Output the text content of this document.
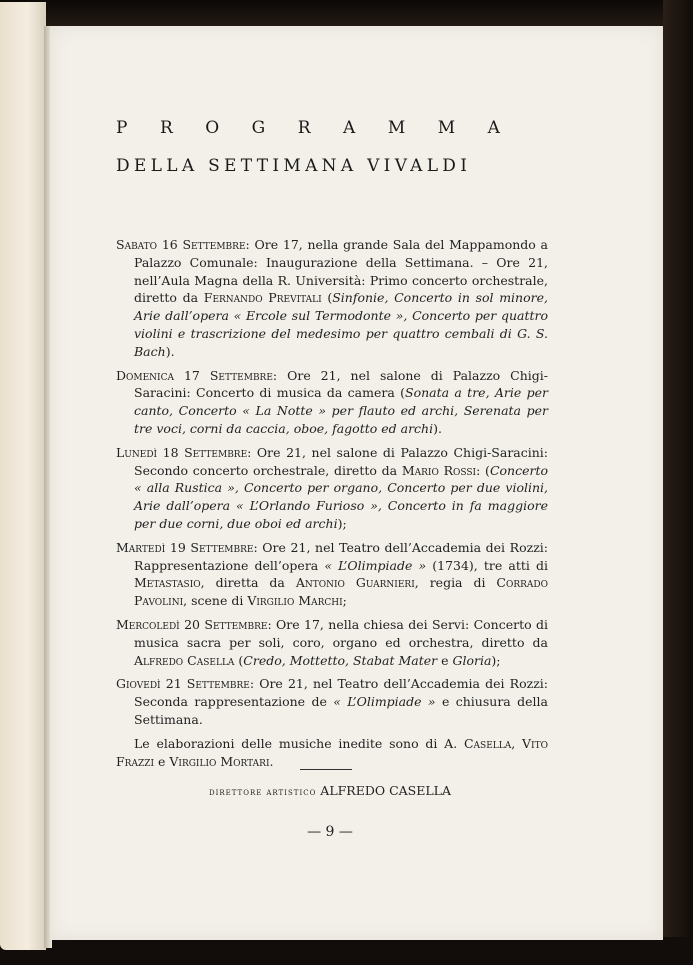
PROGRAMMA
DELLA SETTIMANA VIVALDI
Sabato 16 Settembre: Ore 17, nella grande Sala del Mappamondo a Palazzo Comunale: Inaugurazione della Settimana. – Ore 21, nell’Aula Magna della R. Università: Primo concerto orchestrale, diretto da Fernando Previtali (Sinfonie, Concerto in sol minore, Arie dall’opera « Ercole sul Termodonte », Concerto per quattro violini e trascrizione del medesimo per quattro cembali di G. S. Bach).
Domenica 17 Settembre: Ore 21, nel salone di Palazzo Chigi-Saracini: Concerto di musica da camera (Sonata a tre, Arie per canto, Concerto « La Notte » per flauto ed archi, Serenata per tre voci, corni da caccia, oboe, fagotto ed archi).
Lunedì 18 Settembre: Ore 21, nel salone di Palazzo Chigi-Saracini: Secondo concerto orchestrale, diretto da Mario Rossi: (Concerto « alla Rustica », Concerto per organo, Concerto per due violini, Arie dall’opera « L’Orlando Furioso », Concerto in fa maggiore per due corni, due oboi ed archi);
Martedì 19 Settembre: Ore 21, nel Teatro dell’Accademia dei Rozzi: Rappresentazione dell’opera « L’Olimpiade » (1734), tre atti di Metastasio, diretta da Antonio Guarnieri, regia di Corrado Pavolini, scene di Virgilio Marchi;
Mercoledì 20 Settembre: Ore 17, nella chiesa dei Servi: Concerto di musica sacra per soli, coro, organo ed orchestra, diretto da Alfredo Casella (Credo, Mottetto, Stabat Mater e Gloria);
Giovedì 21 Settembre: Ore 21, nel Teatro dell’Accademia dei Rozzi: Seconda rappresentazione de « L’Olimpiade » e chiusura della Settimana.
Le elaborazioni delle musiche inedite sono di A. Casella, Vito Frazzi e Virgilio Mortari.
direttore artistico ALFREDO CASELLA
— 9 —
